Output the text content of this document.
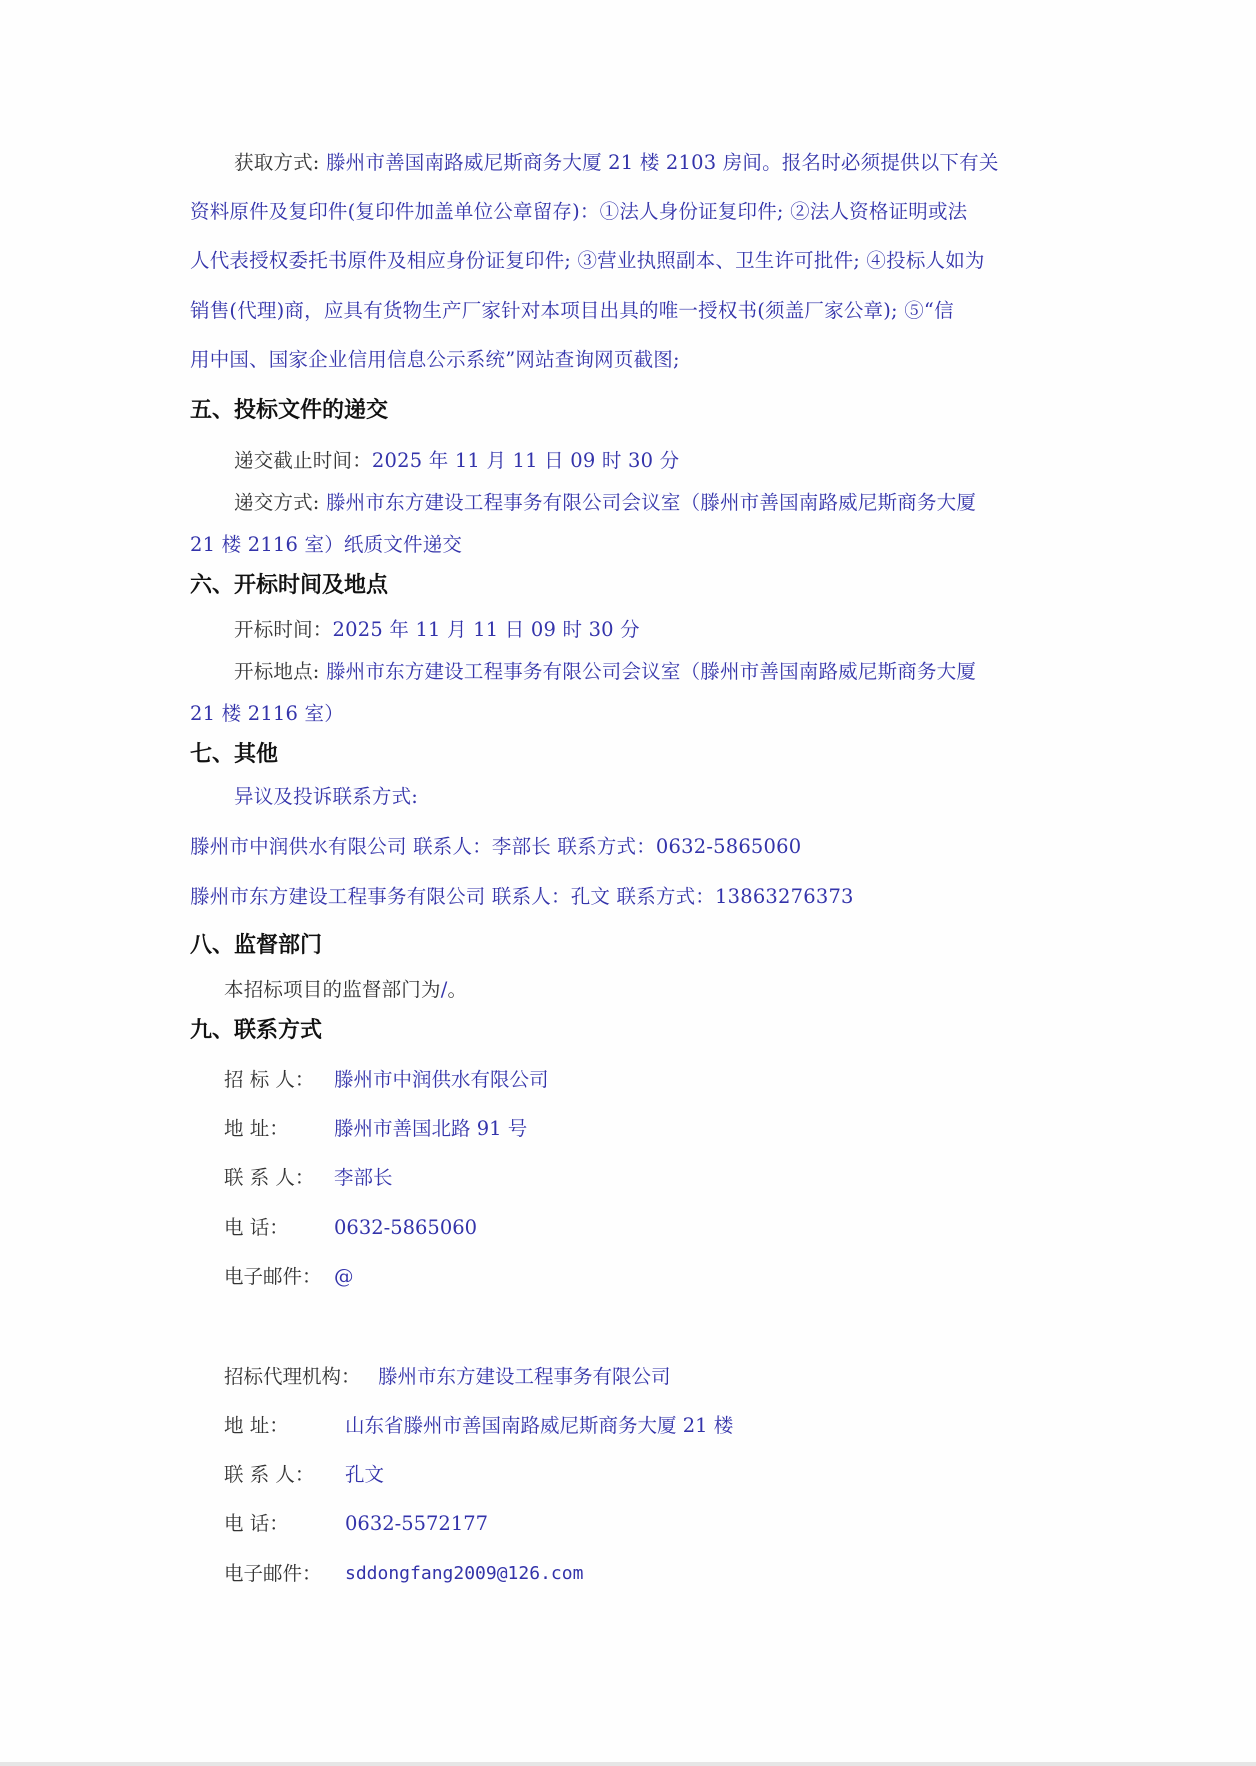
获取方式: 滕州市善国南路威尼斯商务大厦 21 楼 2103 房间。报名时必须提供以下有关
资料原件及复印件(复印件加盖单位公章留存)：①法人身份证复印件; ②法人资格证明或法
人代表授权委托书原件及相应身份证复印件; ③营业执照副本、卫生许可批件; ④投标人如为
销售(代理)商，应具有货物生产厂家针对本项目出具的唯一授权书(须盖厂家公章); ⑤“信
用中国、国家企业信用信息公示系统”网站查询网页截图;
五、投标文件的递交
递交截止时间：2025 年 11 月 11 日 09 时 30 分
递交方式: 滕州市东方建设工程事务有限公司会议室（滕州市善国南路威尼斯商务大厦
21 楼 2116 室）纸质文件递交
六、开标时间及地点
开标时间：2025 年 11 月 11 日 09 时 30 分
开标地点: 滕州市东方建设工程事务有限公司会议室（滕州市善国南路威尼斯商务大厦
21 楼 2116 室）
七、其他
异议及投诉联系方式:
滕州市中润供水有限公司 联系人：李部长 联系方式：0632-5865060
滕州市东方建设工程事务有限公司 联系人：孔文 联系方式：13863276373
八、监督部门
本招标项目的监督部门为/。
九、联系方式
招 标 人： 滕州市中润供水有限公司
地 址： 滕州市善国北路 91 号
联 系 人： 李部长
电 话： 0632-5865060
电子邮件： @
招标代理机构： 滕州市东方建设工程事务有限公司
地 址：	山东省滕州市善国南路威尼斯商务大厦 21 楼
联 系 人： 孔文
电 话：	0632-5572177
电子邮件： sddongfang2009@126.com
